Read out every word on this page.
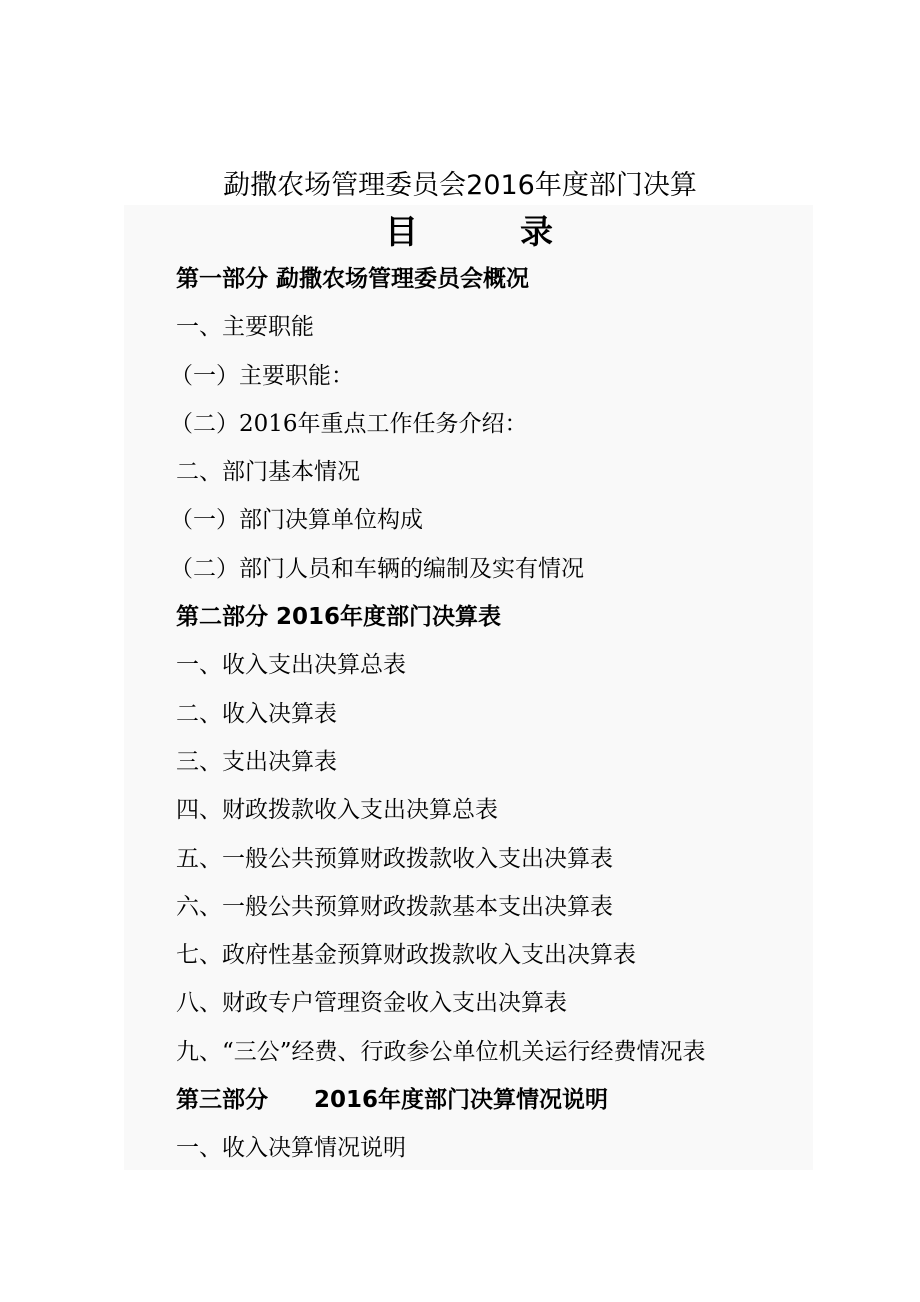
勐撒农场管理委员会2016年度部门决算
目	录
第一部分 勐撒农场管理委员会概况
一、主要职能
（一）主要职能：
（二）2016年重点工作任务介绍：
二、部门基本情况
（一）部门决算单位构成
（二）部门人员和车辆的编制及实有情况
第二部分 2016年度部门决算表
一、收入支出决算总表
二、收入决算表
三、支出决算表
四、财政拨款收入支出决算总表
五、一般公共预算财政拨款收入支出决算表
六、一般公共预算财政拨款基本支出决算表
七、政府性基金预算财政拨款收入支出决算表
八、财政专户管理资金收入支出决算表
九、“三公”经费、行政参公单位机关运行经费情况表
第三部分　　2016年度部门决算情况说明
一、收入决算情况说明
